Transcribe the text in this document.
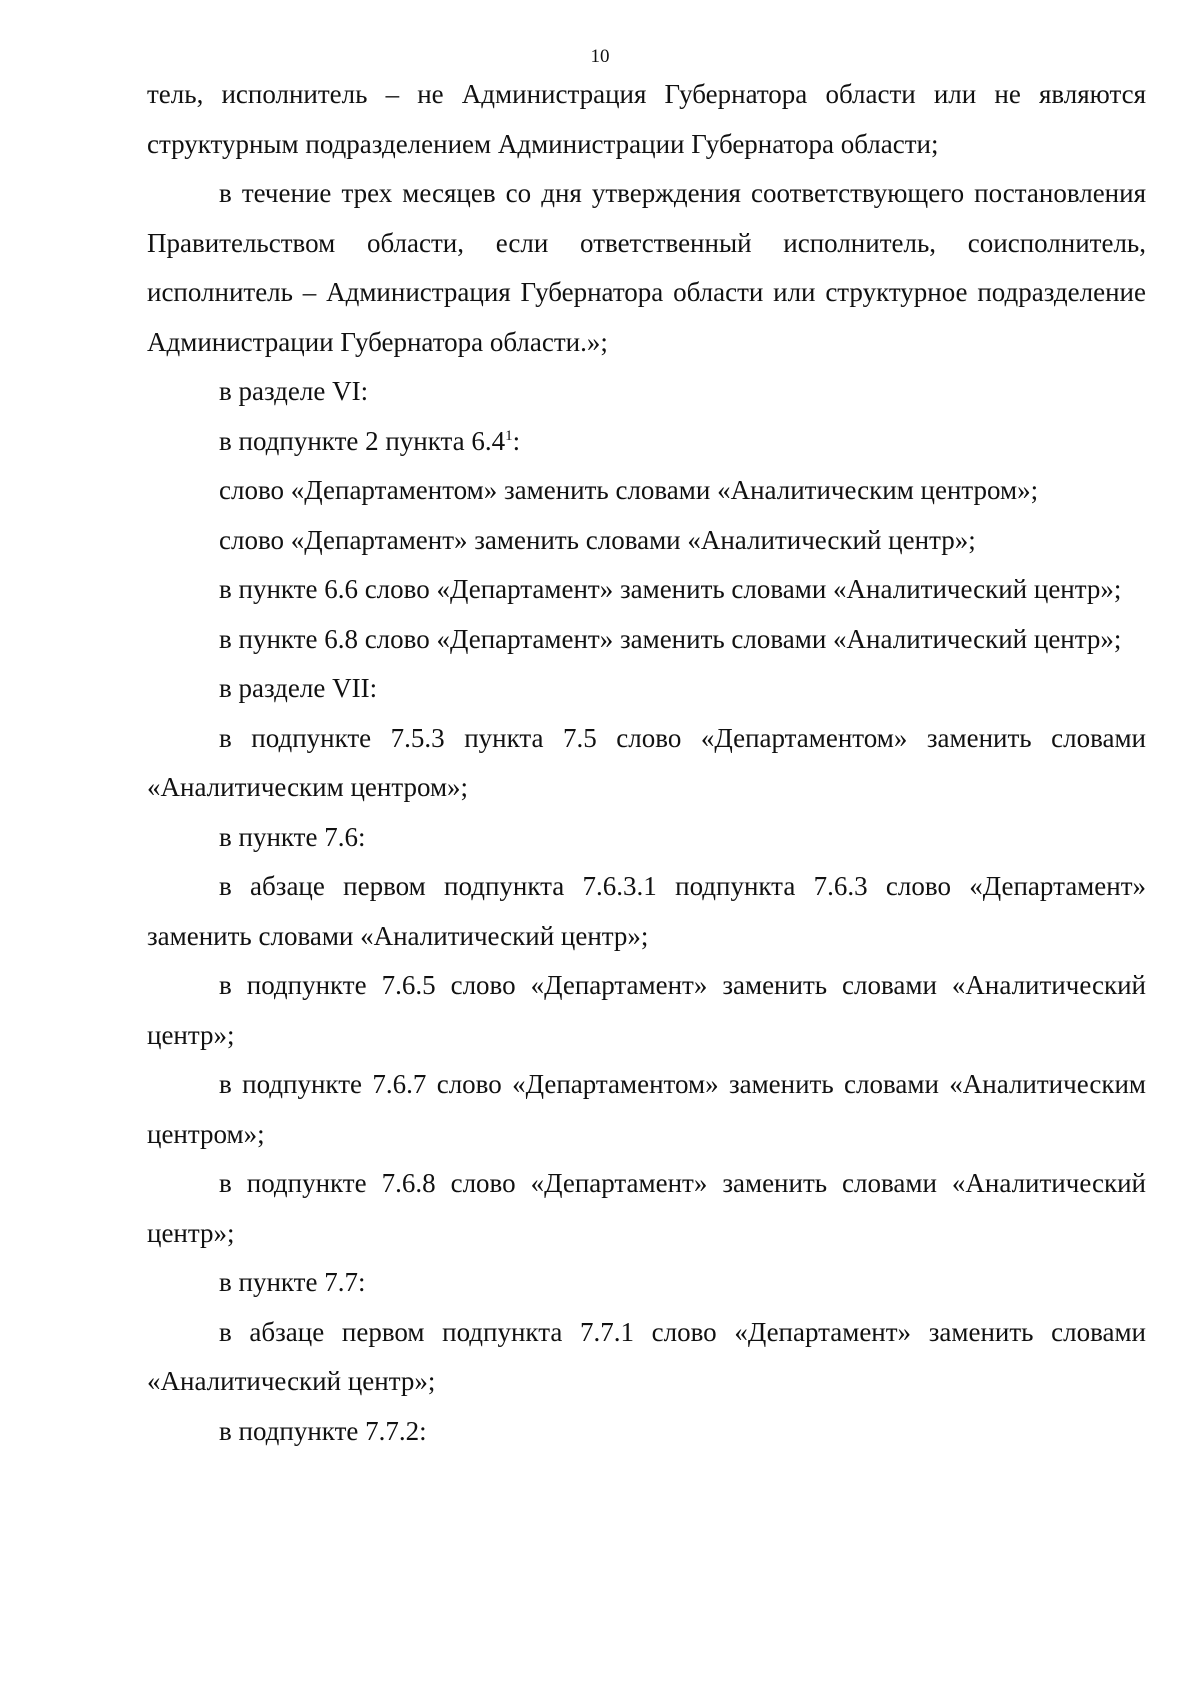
10

тель, исполнитель – не Администрация Губернатора области или не являются структурным подразделением Администрации Губернатора области;

в течение трех месяцев со дня утверждения соответствующего постановления Правительством области, если ответственный исполнитель, соисполнитель, исполнитель – Администрация Губернатора области или структурное подразделение Администрации Губернатора области.»;

в разделе VI:

в подпункте 2 пункта $6.4^1$:

слово «Департаментом» заменить словами «Аналитическим центром»;

слово «Департамент» заменить словами «Аналитический центр»;

в пункте 6.6 слово «Департамент» заменить словами «Аналитический центр»;

в пункте 6.8 слово «Департамент» заменить словами «Аналитический центр»;

в разделе VII:

в подпункте 7.5.3 пункта 7.5 слово «Департаментом» заменить словами «Аналитическим центром»;

в пункте 7.6:

в абзаце первом подпункта 7.6.3.1 подпункта 7.6.3 слово «Департамент» заменить словами «Аналитический центр»;

в подпункте 7.6.5 слово «Департамент» заменить словами «Аналитический центр»;

в подпункте 7.6.7 слово «Департаментом» заменить словами «Аналитическим центром»;

в подпункте 7.6.8 слово «Департамент» заменить словами «Аналитический центр»;

в пункте 7.7:

в абзаце первом подпункта 7.7.1 слово «Департамент» заменить словами «Аналитический центр»;

в подпункте 7.7.2:
